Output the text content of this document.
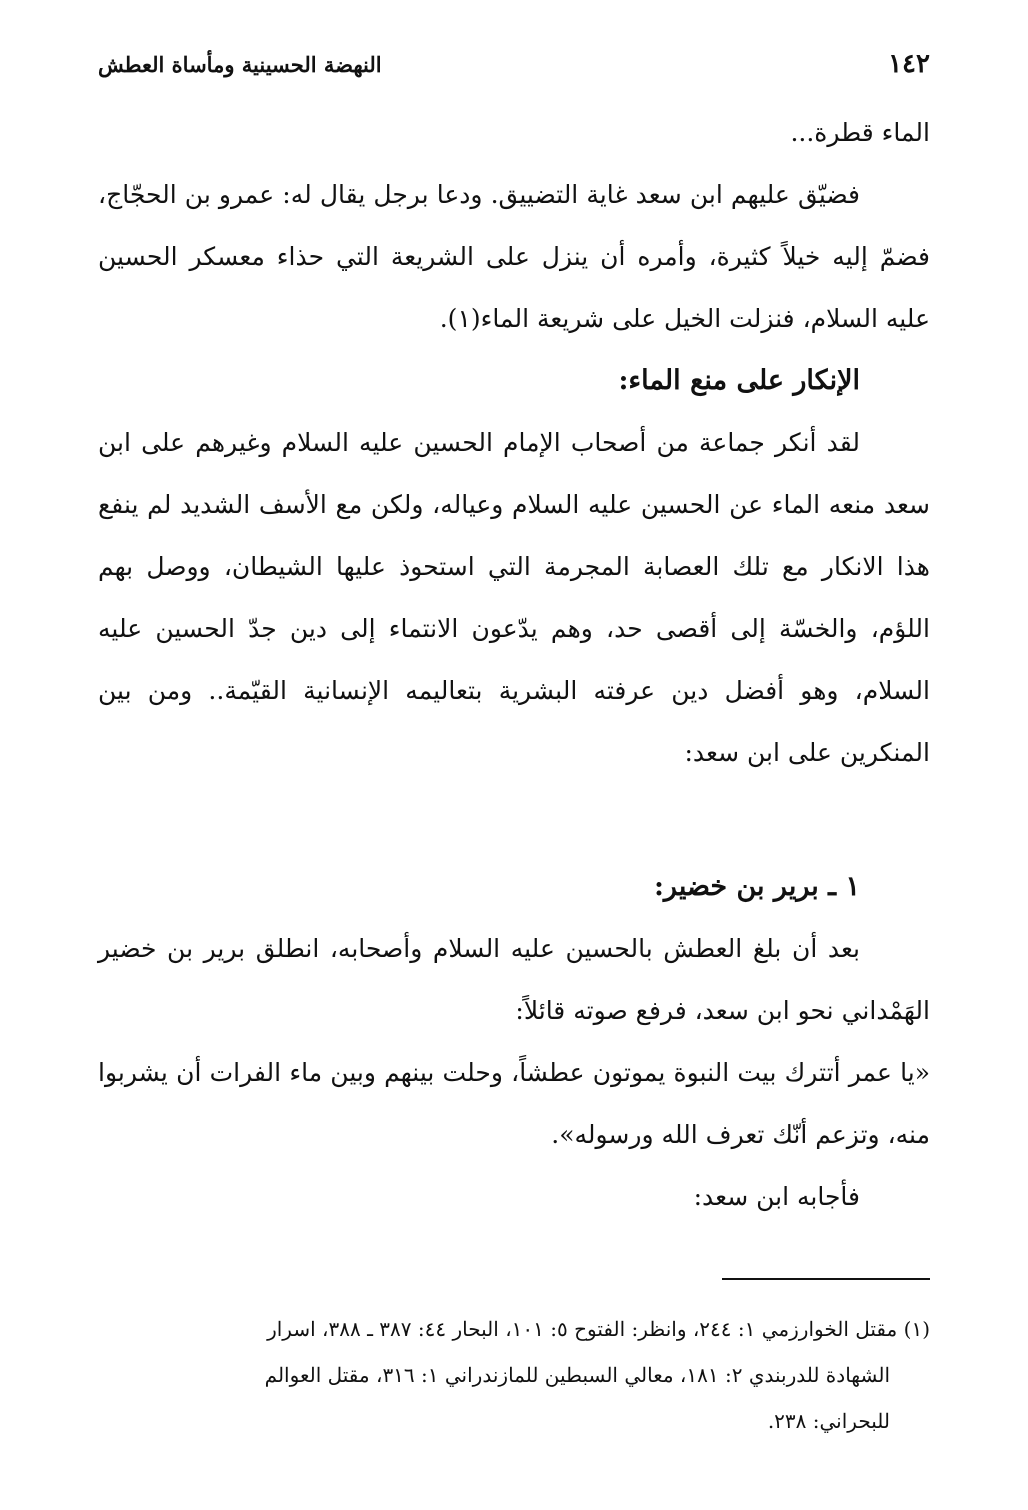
١٤٢
النهضة الحسينية ومأساة العطش

الماء قطرة...

فضيّق عليهم ابن سعد غاية التضييق. ودعا برجل يقال له: عمرو بن الحجّاج، فضمّ إليه خيلاً كثيرة، وأمره أن ينزل على الشريعة التي حذاء معسكر الحسين عليه السلام، فنزلت الخيل على شريعة الماء(١).

الإنكار على منع الماء:

لقد أنكر جماعة من أصحاب الإمام الحسين عليه السلام وغيرهم على ابن سعد منعه الماء عن الحسين عليه السلام وعياله، ولكن مع الأسف الشديد لم ينفع هذا الانكار مع تلك العصابة المجرمة التي استحوذ عليها الشيطان، ووصل بهم اللؤم، والخسّة إلى أقصى حد، وهم يدّعون الانتماء إلى دين جدّ الحسين عليه السلام، وهو أفضل دين عرفته البشرية بتعاليمه الإنسانية القيّمة.. ومن بين المنكرين على ابن سعد:

١ ـ برير بن خضير:

بعد أن بلغ العطش بالحسين عليه السلام وأصحابه، انطلق برير بن خضير الهَمْداني نحو ابن سعد، فرفع صوته قائلاً:

«يا عمر أتترك بيت النبوة يموتون عطشاً، وحلت بينهم وبين ماء الفرات أن يشربوا منه، وتزعم أنّك تعرف الله ورسوله».

فأجابه ابن سعد:

(١) مقتل الخوارزمي ١: ٢٤٤، وانظر: الفتوح ٥: ١٠١، البحار ٤٤: ٣٨٧ ـ ٣٨٨، اسرار

الشهادة للدربندي ٢: ١٨١، معالي السبطين للمازندراني ١: ٣١٦، مقتل العوالم

للبحراني: ٢٣٨.
